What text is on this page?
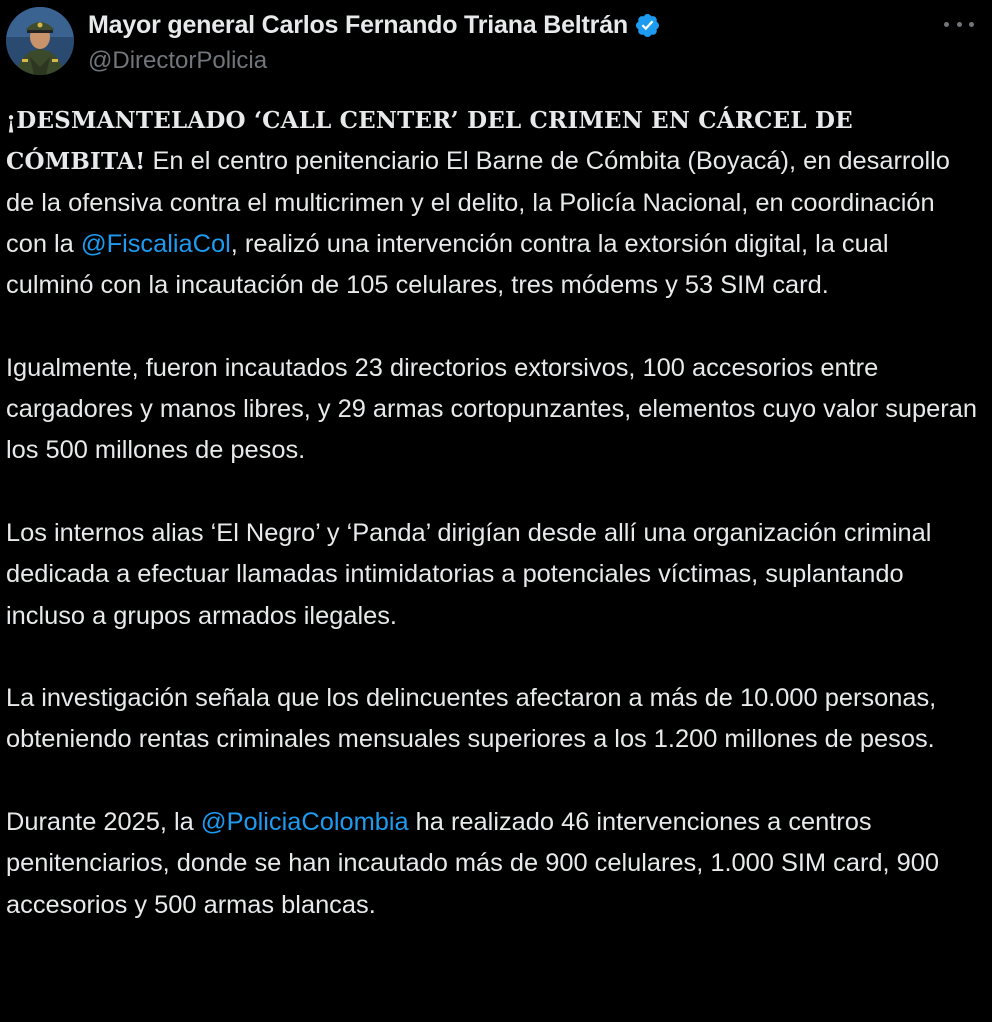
Mayor general Carlos Fernando Triana Beltrán
@DirectorPolicia

¡DESMANTELADO ‘CALL CENTER’ DEL CRIMEN EN CÁRCEL DE CÓMBITA! En el centro penitenciario El Barne de Cómbita (Boyacá), en desarrollo de la ofensiva contra el multicrimen y el delito, la Policía Nacional, en coordinación con la @FiscaliaCol, realizó una intervención contra la extorsión digital, la cual culminó con la incautación de 105 celulares, tres módems y 53 SIM card.

Igualmente, fueron incautados 23 directorios extorsivos, 100 accesorios entre cargadores y manos libres, y 29 armas cortopunzantes, elementos cuyo valor superan los 500 millones de pesos.

Los internos alias ‘El Negro’ y ‘Panda’ dirigían desde allí una organización criminal dedicada a efectuar llamadas intimidatorias a potenciales víctimas, suplantando incluso a grupos armados ilegales.

La investigación señala que los delincuentes afectaron a más de 10.000 personas, obteniendo rentas criminales mensuales superiores a los 1.200 millones de pesos.

Durante 2025, la @PoliciaColombia ha realizado 46 intervenciones a centros penitenciarios, donde se han incautado más de 900 celulares, 1.000 SIM card, 900 accesorios y 500 armas blancas.
